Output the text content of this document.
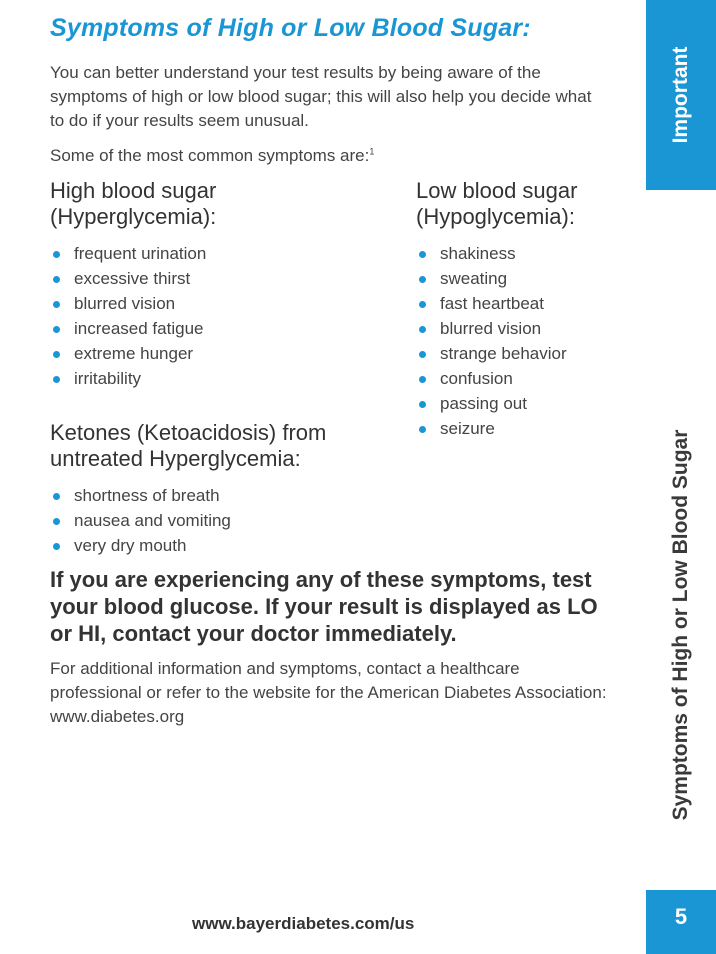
Symptoms of High or Low Blood Sugar:

You can better understand your test results by being aware of the symptoms of high or low blood sugar; this will also help you decide what to do if your results seem unusual.

Some of the most common symptoms are:$^1$

High blood sugar
(Hyperglycemia):
frequent urination
excessive thirst
blurred vision
increased fatigue
extreme hunger
irritability
Low blood sugar
(Hypoglycemia):
shakiness
sweating
fast heartbeat
blurred vision
strange behavior
confusion
passing out
seizure
Ketones (Ketoacidosis) from
untreated Hyperglycemia:
shortness of breath
nausea and vomiting
very dry mouth

If you are experiencing any of these symptoms, test your blood glucose. If your result is displayed as LO or HI, contact your doctor immediately.

For additional information and symptoms, contact a healthcare professional or refer to the website for the American Diabetes Association: www.diabetes.org

www.bayerdiabetes.com/us

Important
Symptoms of High or Low Blood Sugar
5
